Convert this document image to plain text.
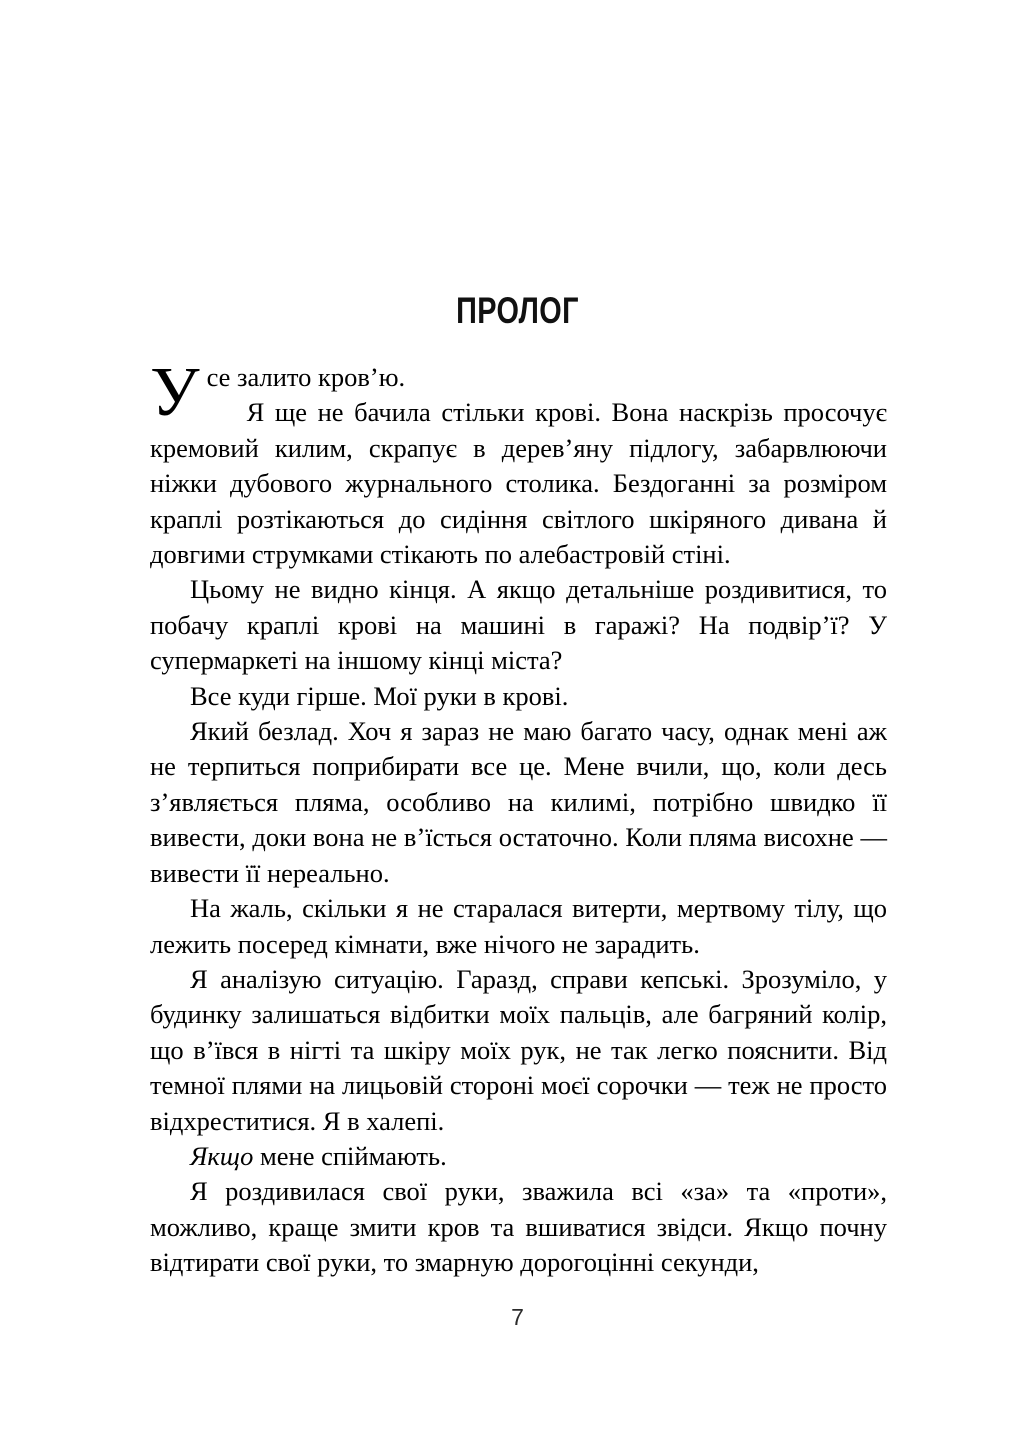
ПРОЛОГ

Усе залито кров’ю.

Я ще не бачила стільки крові. Вона наскрізь просочує кремовий килим, скрапує в дерев’яну підлогу, забарвлюючи ніжки дубового журнального столика. Бездоганні за розміром краплі розтікаються до сидіння світлого шкіряного дивана й довгими струмками стікають по алебастровій стіні.

Цьому не видно кінця. А якщо детальніше роздивитися, то побачу краплі крові на машині в гаражі? На подвір’ї? У супермаркеті на іншому кінці міста?

Все куди гірше. Мої руки в крові.

Який безлад. Хоч я зараз не маю багато часу, однак мені аж не терпиться поприбирати все це. Мене вчили, що, коли десь з’являється пляма, особливо на килимі, потрібно швидко її вивести, доки вона не в’їсться остаточно. Коли пляма висохне — вивести її нереально.

На жаль, скільки я не старалася витерти, мертвому тілу, що лежить посеред кімнати, вже нічого не зарадить.

Я аналізую ситуацію. Гаразд, справи кепські. Зрозуміло, у будинку залишаться відбитки моїх пальців, але багряний колір, що в’ївся в нігті та шкіру моїх рук, не так легко пояснити. Від темної плями на лицьовій стороні моєї сорочки — теж не просто відхреститися. Я в халепі.

Якщо мене спіймають.

Я роздивилася свої руки, зважила всі «за» та «проти», можливо, краще змити кров та вшиватися звідси. Якщо почну відтирати свої руки, то змарную дорогоцінні секунди,

7
